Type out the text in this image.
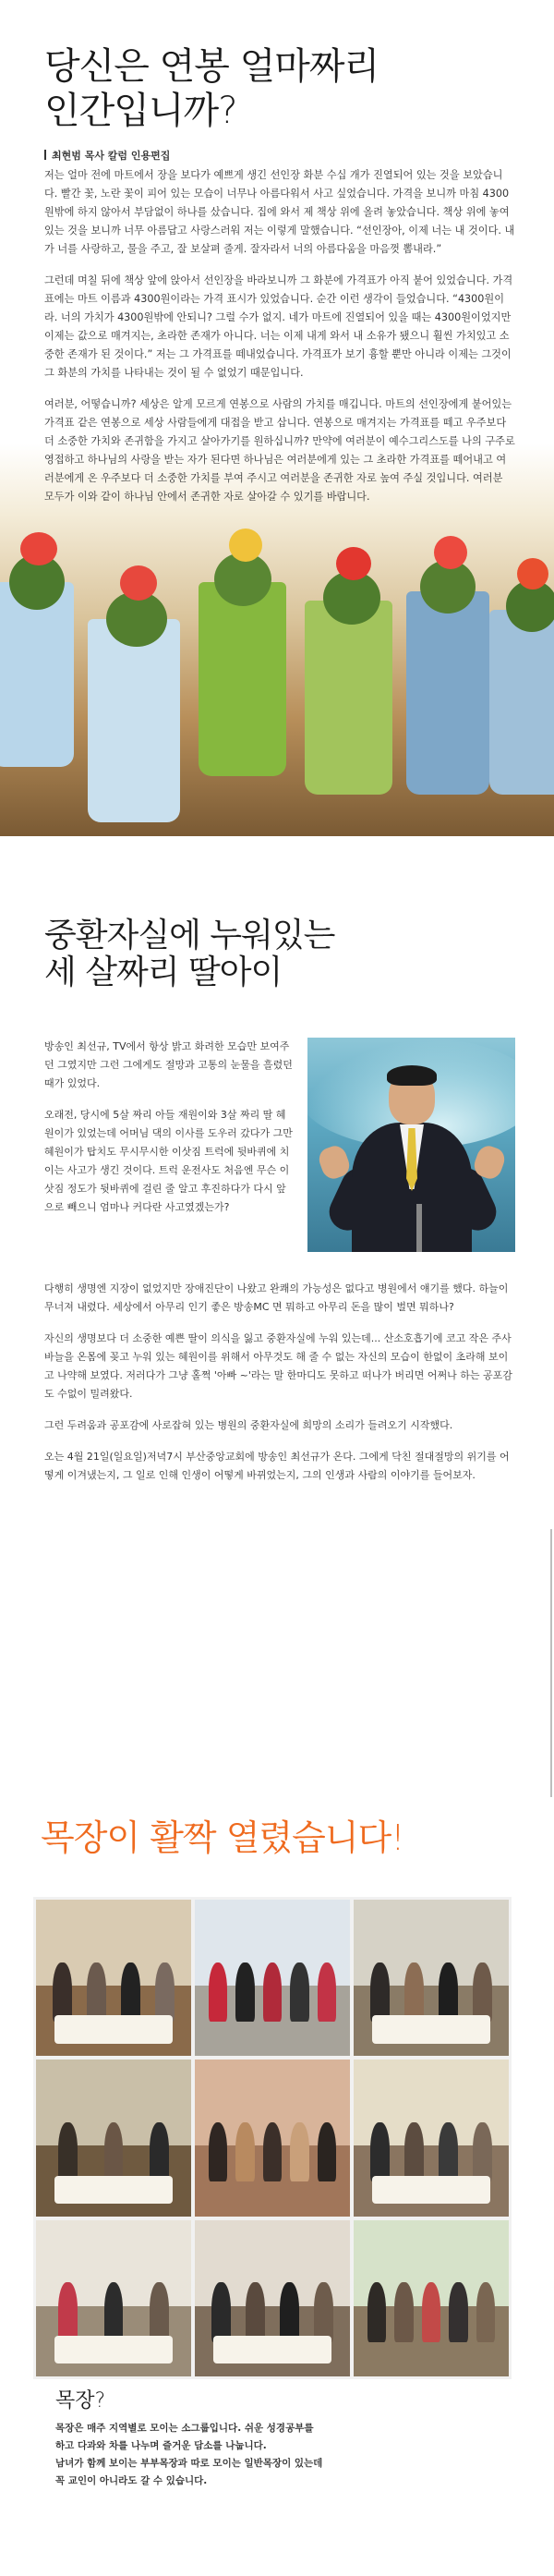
당신은 연봉 얼마짜리
인간입니까?
최현범 목사 칼럼 인용편집

저는 얼마 전에 마트에서 장을 보다가 예쁘게 생긴 선인장 화분 수십 개가 진열되어 있는 것을 보았습니다. 빨간 꽃, 노란 꽃이 피어 있는 모습이 너무나 아름다워서 사고 싶었습니다. 가격을 보니까 마침 4300원밖에 하지 않아서 부담없이 하나를 샀습니다. 집에 와서 제 책상 위에 올려 놓았습니다. 책상 위에 놓여있는 것을 보니까 너무 아름답고 사랑스러워 저는 이렇게 말했습니다. “선인장아, 이제 너는 내 것이다. 내가 너를 사랑하고, 물을 주고, 잘 보살펴 줄게. 잘자라서 너의 아름다움을 마음껏 뽐내라.”

그런데 며칠 뒤에 책상 앞에 앉아서 선인장을 바라보니까 그 화분에 가격표가 아직 붙어 있었습니다. 가격표에는 마트 이름과 4300원이라는 가격 표시가 있었습니다. 순간 이런 생각이 들었습니다. “4300원이라. 너의 가치가 4300원밖에 안되니? 그럴 수가 없지. 네가 마트에 진열되어 있을 때는 4300원이었지만 이제는 값으로 매겨지는, 초라한 존재가 아니다. 너는 이제 내게 와서 내 소유가 됐으니 훨씬 가치있고 소중한 존재가 된 것이다.” 저는 그 가격표를 떼내었습니다. 가격표가 보기 흉할 뿐만 아니라 이제는 그것이 그 화분의 가치를 나타내는 것이 될 수 없었기 때문입니다.

여러분, 어떻습니까? 세상은 알게 모르게 연봉으로 사람의 가치를 매깁니다. 마트의 선인장에게 붙어있는 가격표 같은 연봉으로 세상 사람들에게 대접을 받고 삽니다. 연봉으로 매겨지는 가격표를 떼고 우주보다 더 소중한 가치와 존귀함을 가지고 살아가기를 원하십니까? 만약에 여러분이 예수그리스도를 나의 구주로 영접하고 하나님의 사랑을 받는 자가 된다면 하나님은 여러분에게 있는 그 초라한 가격표를 떼어내고 여러분에게 온 우주보다 더 소중한 가치를 부여 주시고 여러분을 존귀한 자로 높여 주실 것입니다. 여러분 모두가 이와 같이 하나님 안에서 존귀한 자로 살아갈 수 있기를 바랍니다.

중환자실에 누워있는
세 살짜리 딸아이

방송인 최선규, TV에서 항상 밝고 화려한 모습만 보여주던 그였지만 그런 그에게도 절망과 고통의 눈물을 흘렸던 때가 있었다.

오래전, 당시에 5살 짜리 아들 재원이와 3살 짜리 딸 혜원이가 있었는데 어머님 댁의 이사를 도우러 갔다가 그만 혜원이가 탑치도 무시무시한 이삿짐 트럭에 뒷바퀴에 치이는 사고가 생긴 것이다. 트럭 운전사도 처음엔 무슨 이삿짐 정도가 뒷바퀴에 걸린 줄 알고 후진하다가 다시 앞으로 빼으니 엄마나 커다란 사고였겠는가?

다행히 생명엔 지장이 없었지만 장애진단이 나왔고 완쾌의 가능성은 없다고 병원에서 얘기를 했다. 하늘이 무너져 내렸다. 세상에서 아무리 인기 좋은 방송MC 면 뭐하고 아무리 돈을 많이 벌면 뭐하나?

자신의 생명보다 더 소중한 예쁜 딸이 의식을 잃고 중환자실에 누워 있는데... 산소호흡기에 코고 작은 주사바늘을 온몸에 꽂고 누워 있는 혜원이를 위해서 아무것도 해 줄 수 없는 자신의 모습이 한없이 초라해 보이고 나약해 보였다. 저러다가 그냥 홀쩍 '아빠 ~'라는 말 한마디도 못하고 떠나가 버리면 어쩌나 하는 공포감도 수없이 밀려왔다.

그런 두려움과 공포감에 사로잡혀 있는 병원의 중환자실에 희망의 소리가 들려오기 시작했다.

오는 4월 21일(일요일)저녁7시 부산중앙교회에 방송인 최선규가 온다. 그에게 닥친 절대절망의 위기를 어떻게 이겨냈는지, 그 일로 인해 인생이 어떻게 바뀌었는지, 그의 인생과 사람의 이야기를 들어보자.

목장이 활짝 열렸습니다!
목장?
목장은 매주 지역별로 모이는 소그룹입니다. 쉬운 성경공부를
하고 다과와 차를 나누며 즐거운 담소를 나눕니다.
남녀가 함께 보이는 부부목장과 따로 모이는 일반목장이 있는데
꼭 교인이 아니라도 갈 수 있습니다.
